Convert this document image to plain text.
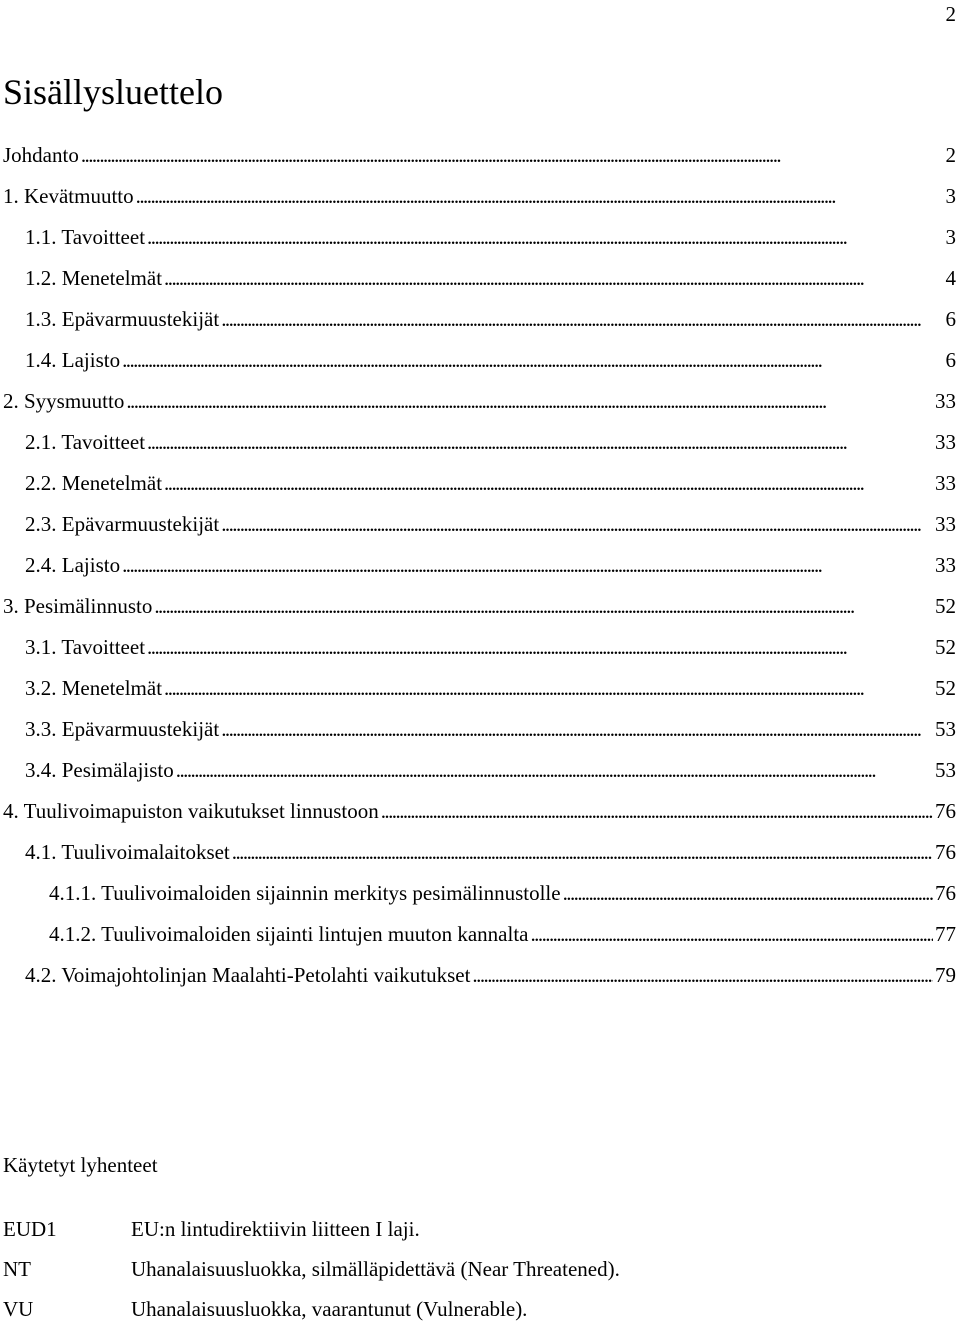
2
Sisällysluettelo
Johdanto . . .	2
1. Kevätmuutto . . .	3
1.1. Tavoitteet . . .	3
1.2. Menetelmät . . .	4
1.3. Epävarmuustekijät . . .	6
1.4. Lajisto . . .	6
2. Syysmuutto . . .	33
2.1. Tavoitteet . . .	33
2.2. Menetelmät . . .	33
2.3. Epävarmuustekijät . . .	33
2.4. Lajisto . . .	33
3. Pesimälinnusto . . .	52
3.1. Tavoitteet . . .	52
3.2. Menetelmät . . .	52
3.3. Epävarmuustekijät . . .	53
3.4. Pesimälajisto . . .	53
4. Tuulivoimapuiston vaikutukset linnustoon . . .	76
4.1. Tuulivoimalaitokset . . .	76
4.1.1. Tuulivoimaloiden sijainnin merkitys pesimälinnustolle . . .	76
4.1.2. Tuulivoimaloiden sijainti lintujen muuton kannalta . . .	77
4.2. Voimajohtolinjan Maalahti-Petolahti vaikutukset . . .	79
Käytetyt lyhenteet
EUD1	EU:n lintudirektiivin liitteen I laji.
NT	Uhanalaisuusluokka, silmälläpidettävä (Near Threatened).
VU	Uhanalaisuusluokka, vaarantunut (Vulnerable).
